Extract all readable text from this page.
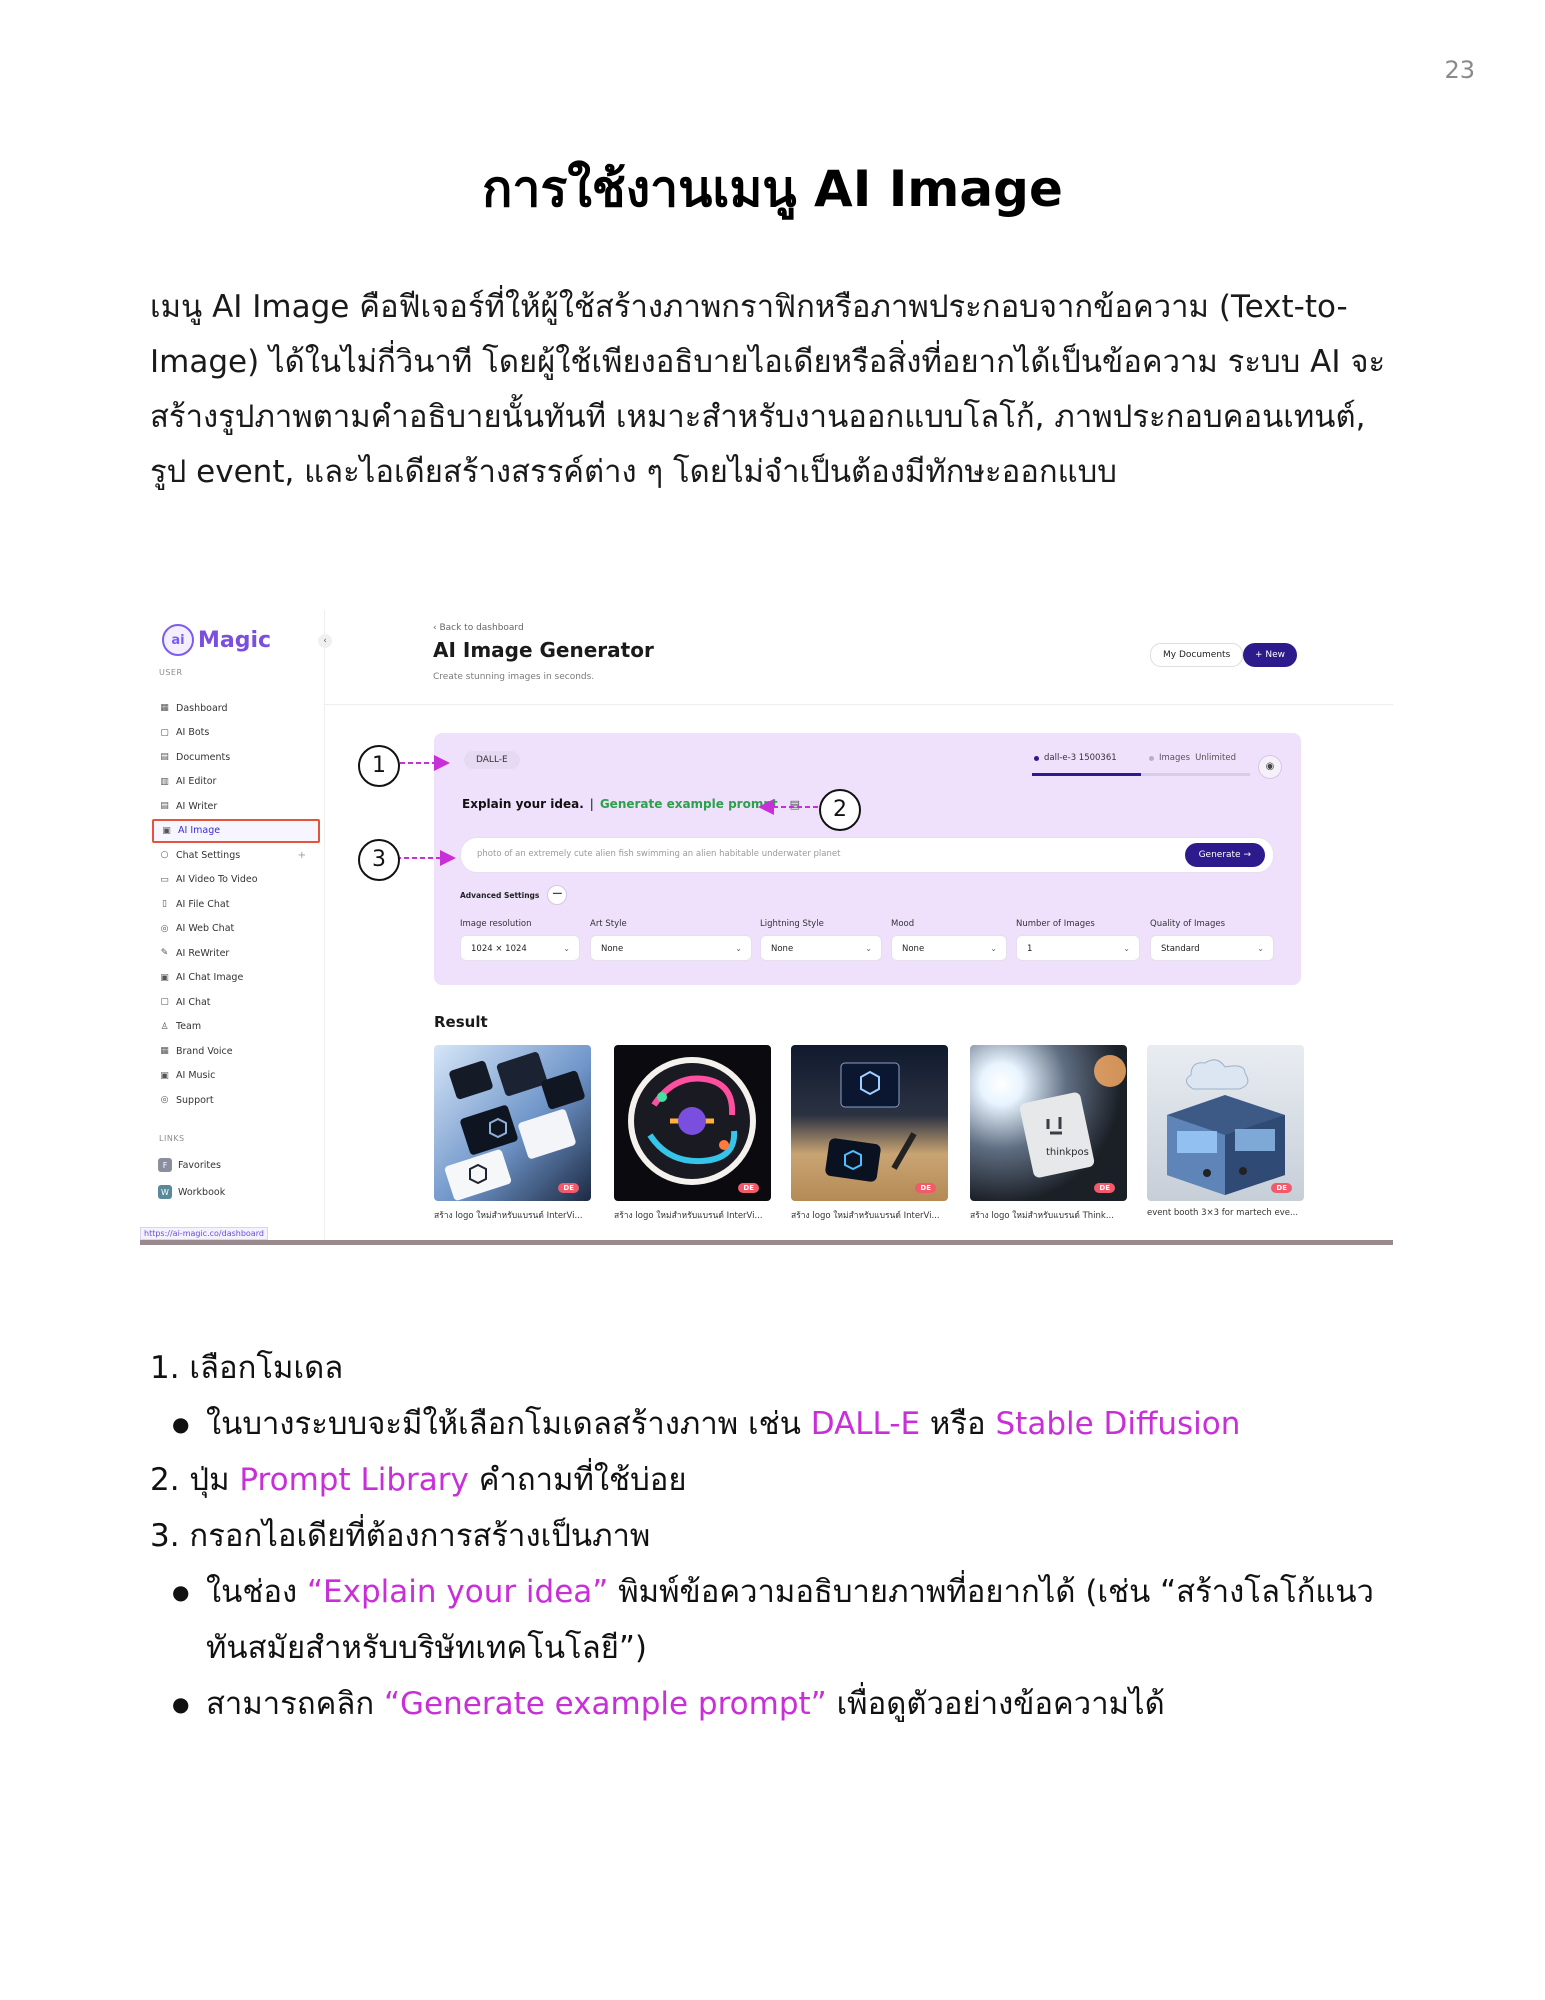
23
การใช้งานเมนู AI Image
เมนู AI Image คือฟีเจอร์ที่ให้ผู้ใช้สร้างภาพกราฟิกหรือภาพประกอบจากข้อความ (Text-to-Image) ได้ในไม่กี่วินาที โดยผู้ใช้เพียงอธิบายไอเดียหรือสิ่งที่อยากได้เป็นข้อความ ระบบ AI จะสร้างรูปภาพตามคำอธิบายนั้นทันที เหมาะสำหรับงานออกแบบโลโก้, ภาพประกอบคอนเทนต์, รูป event, และไอเดียสร้างสรรค์ต่าง ๆ โดยไม่จำเป็นต้องมีทักษะออกแบบ
ai Magic	‹
USER
▦ Dashboard
▢ AI Bots
▤ Documents
▥ AI Editor
▤ AI Writer
▣ AI Image
○ Chat Settings	+
▭ AI Video To Video
▯ AI File Chat
◎ AI Web Chat
✎ AI ReWriter
▣ AI Chat Image
▢ AI Chat
♙ Team
▦ Brand Voice
▣ AI Music
◎ Support
LINKS
F	Favorites
W Workbook
https://ai-magic.co/dashboard
‹ Back to dashboard
AI Image Generator
Create stunning images in seconds.
My Documents	+ New
DALL-E	dall-e-3 1500361	Images Unlimited
◉
Explain your idea. | Generate example prompt ▤
photo of an extremely cute alien fish swimming an alien habitable underwater planet	Generate →
Advanced Settings	—
Image resolution
1024 × 1024	⌄
Art Style
None	⌄
Lightning Style
None	⌄
Mood
None	⌄
Number of Images
1	⌄
Quality of Images
Standard	⌄
Result
DE	DE	DE
thinkpos
DE	DE
สร้าง logo ใหม่สำหรับแบรนด์ InterVi...	สร้าง logo ใหม่สำหรับแบรนด์ InterVi...	สร้าง logo ใหม่สำหรับแบรนด์ InterVi...	สร้าง logo ใหม่สำหรับแบรนด์ Think...	event booth 3×3 for martech eve...
1
2
3

1. เลือกโมเดล

● ในบางระบบจะมีให้เลือกโมเดลสร้างภาพ เช่น DALL-E หรือ Stable Diffusion

2. ปุ่ม Prompt Library คำถามที่ใช้บ่อย

3. กรอกไอเดียที่ต้องการสร้างเป็นภาพ

● ในช่อง “Explain your idea” พิมพ์ข้อความอธิบายภาพที่อยากได้ (เช่น “สร้างโลโก้แนวทันสมัยสำหรับบริษัทเทคโนโลยี”)
● สามารถคลิก “Generate example prompt” เพื่อดูตัวอย่างข้อความได้
